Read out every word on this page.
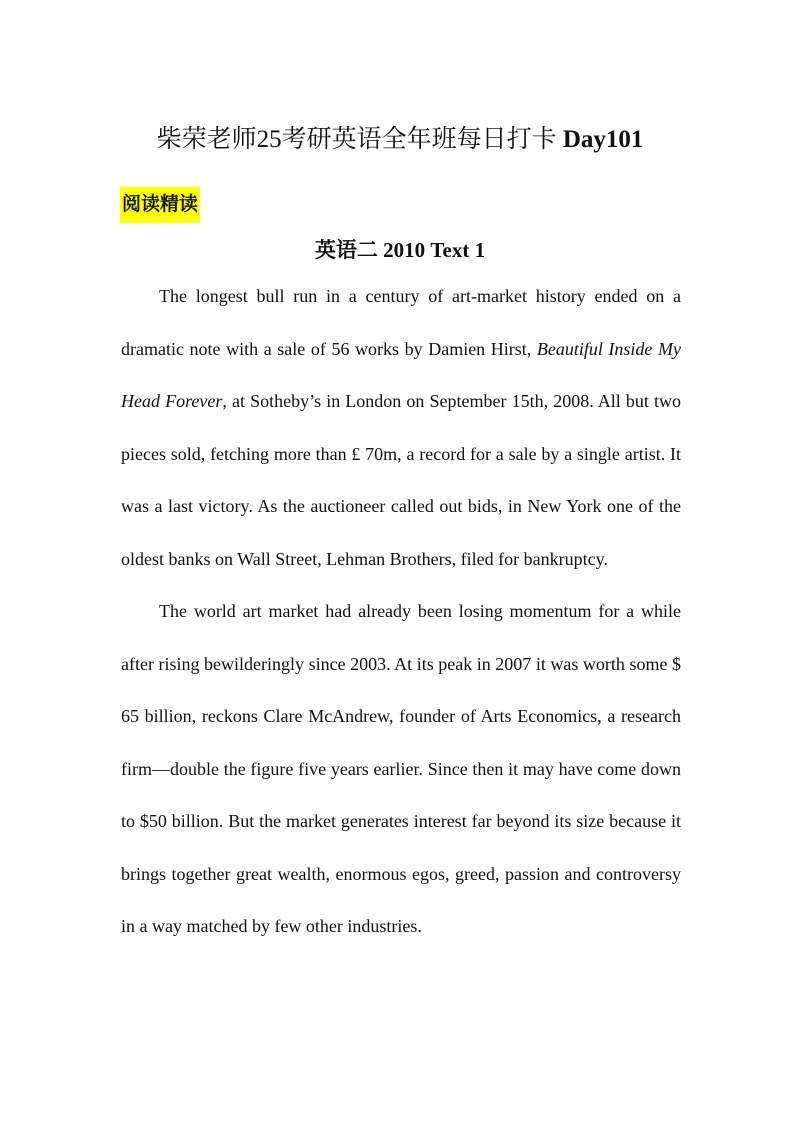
柴荣老师25考研英语全年班每日打卡 Day101
阅读精读
英语二 2010 Text 1

The longest bull run in a century of art-market history ended on a dramatic note with a sale of 56 works by Damien Hirst, Beautiful Inside My Head Forever, at Sotheby’s in London on September 15th, 2008. All but two pieces sold, fetching more than £ 70m, a record for a sale by a single artist. It was a last victory. As the auctioneer called out bids, in New York one of the oldest banks on Wall Street, Lehman Brothers, filed for bankruptcy.

The world art market had already been losing momentum for a while after rising bewilderingly since 2003. At its peak in 2007 it was worth some $ 65 billion, reckons Clare McAndrew, founder of Arts Economics, a research firm—double the figure five years earlier. Since then it may have come down to $50 billion. But the market generates interest far beyond its size because it brings together great wealth, enormous egos, greed, passion and controversy in a way matched by few other industries.
